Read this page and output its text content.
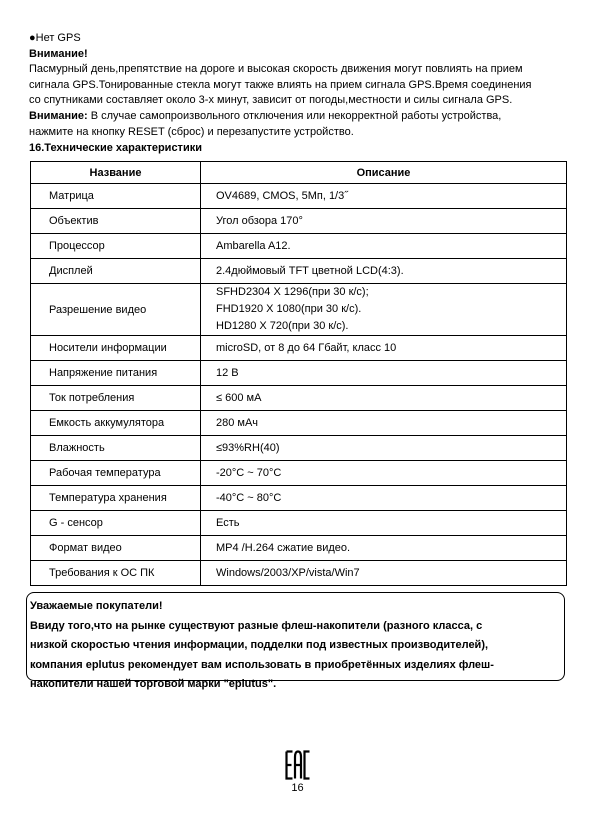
●Нет GPS
Внимание!
Пасмурный день,препятствие на дороге и высокая скорость движения могут повлиять на прием
сигнала GPS.Тонированные стекла могут также влиять на прием сигнала GPS.Время соединения
со спутниками составляет около 3-х минут, зависит от погоды,местности и силы сигнала GPS.
Внимание: В случае самопроизвольного отключения или некорректной работы устройства,
нажмите на кнопку RESET (сброс) и перезапустите устройство.
16.Технические характеристики
Название	Описание
Матрица	OV4689, CMOS, 5Мп, 1/3˝
Объектив	Угол обзора 170°
Процессор	Ambarella A12.
Дисплей	2.4дюймовый TFT цветной LCD(4:3).
Разрешение видео	SFHD2304 X 1296(при 30 к/с);
FHD1920 X 1080(при 30 к/с).
HD1280 X 720(при 30 к/с).

Носители информации	microSD, от 8 до 64 Гбайт, класс 10
Напряжение питания	12 В
Ток потребления	≤ 600 мА
Емкость аккумулятора	280 мАч
Влажность	≤93%RH(40)
Рабочая температура	-20°C ~ 70°C
Температура хранения	-40°C ~ 80°C
G - сенсор	Есть
Формат видео	MP4 /H.264 сжатие видео.
Требования к ОС ПК	Windows/2003/XP/vista/Win7
Уважаемые покупатели!
Ввиду того,что на рынке существуют разные флеш-накопители (разного класса, с
низкой скоростью чтения информации, подделки под известных производителей),
компания eplutus рекомендует вам использовать в приобретённых изделиях флеш-
накопители нашей торговой марки "eplutus".
16
